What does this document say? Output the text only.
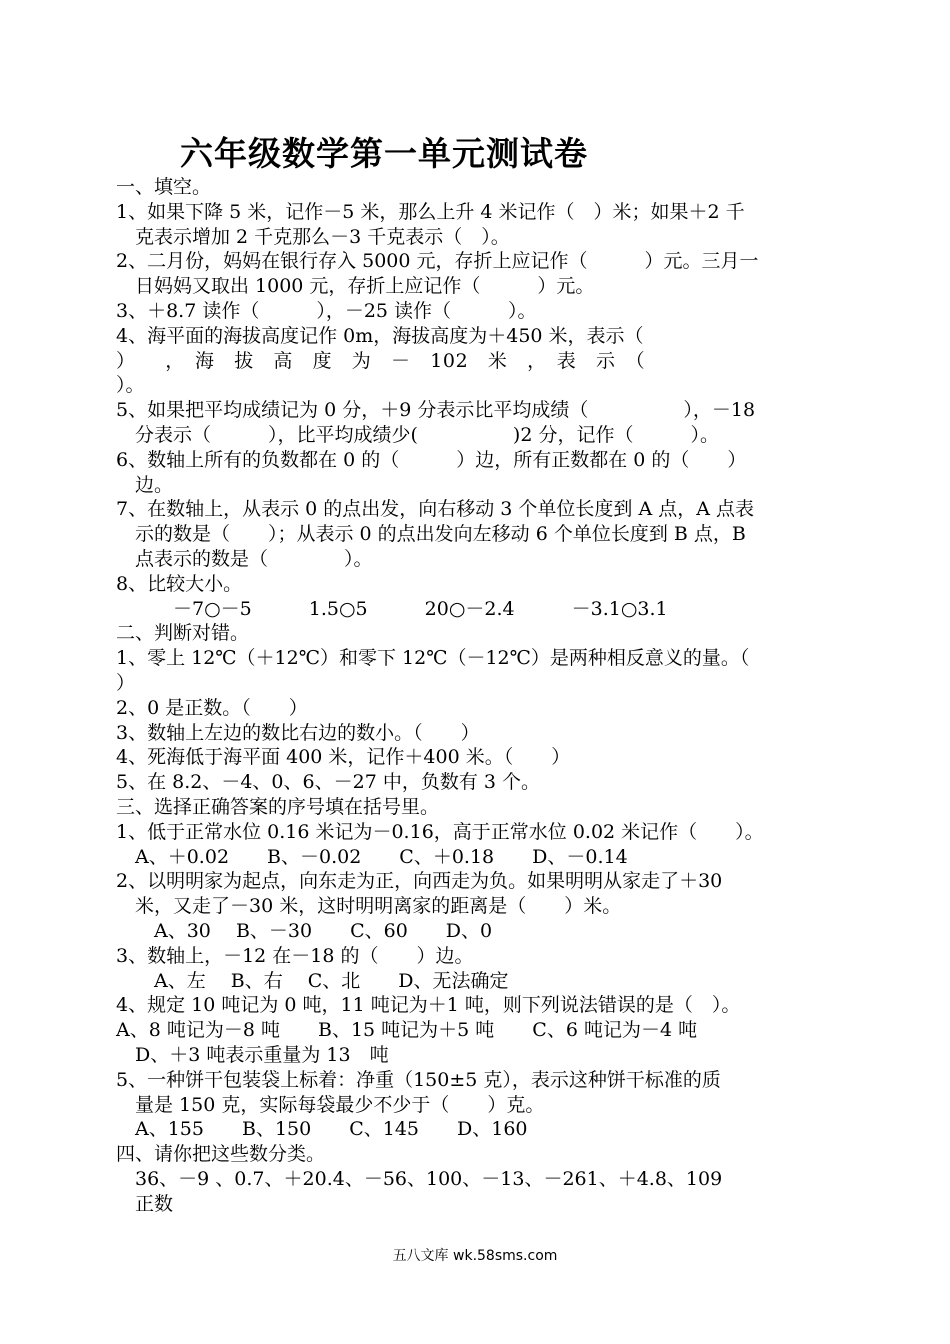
六年级数学第一单元测试卷
一、填空。
1、如果下降 5 米，记作－5 米，那么上升 4 米记作（　）米；如果＋2 千
　克表示增加 2 千克那么－3 千克表示（　）。
2、二月份，妈妈在银行存入 5000 元，存折上应记作（　　　）元。三月一
　日妈妈又取出 1000 元，存折上应记作（　　　）元。
3、＋8.7 读作（　　　），－25 读作（　　　）。
4、海平面的海拔高度记作 0m，海拔高度为＋450 米，表示（
）　　，　海　拔　高　度　为　－　102　米　，　表　示　（
）。
5、如果把平均成绩记为 0 分，＋9 分表示比平均成绩（　　　　　），－18
　分表示（　　　），比平均成绩少(　　　　　)2 分，记作（　　　）。
6、数轴上所有的负数都在 0 的（　　　）边，所有正数都在 0 的（　　）
　边。
7、在数轴上，从表示 0 的点出发，向右移动 3 个单位长度到 A 点，A 点表
　示的数是（　　）；从表示 0 的点出发向左移动 6 个单位长度到 B 点，B
　点表示的数是（　　　　）。
8、比较大小。
　　　－7○－5　　　1.5○5　　　20○－2.4　　　－3.1○3.1
二、判断对错。
1、零上 12℃（＋12℃）和零下 12℃（－12℃）是两种相反意义的量。（
）
2、0 是正数。（　　）
3、数轴上左边的数比右边的数小。（　　）
4、死海低于海平面 400 米，记作＋400 米。（　　）
5、在 8.2、－4、0、6、－27 中，负数有 3 个。
三、选择正确答案的序号填在括号里。
1、低于正常水位 0.16 米记为－0.16，高于正常水位 0.02 米记作（　　）。
　A、＋0.02　　B、－0.02　　C、＋0.18　　D、－0.14
2、以明明家为起点，向东走为正，向西走为负。如果明明从家走了＋30
　米，又走了－30 米，这时明明离家的距离是（　　）米。
　　A、30　 B、－30　　C、60　　D、0
3、数轴上，－12 在－18 的（　　）边。
　　A、左　 B、右　 C、北　　D、无法确定
4、规定 10 吨记为 0 吨，11 吨记为＋1 吨，则下列说法错误的是（　）。
A、8 吨记为－8 吨　　B、15 吨记为＋5 吨　　C、6 吨记为－4 吨
　D、＋3 吨表示重量为 13　吨
5、一种饼干包装袋上标着：净重（150±5 克），表示这种饼干标准的质
　量是 150 克，实际每袋最少不少于（　　）克。
　A、155　　B、150　　C、145　　D、160
四、请你把这些数分类。
　36、－9 、0.7、＋20.4、－56、100、－13、－261、＋4.8、109
　正数
五八文库 wk.58sms.com
